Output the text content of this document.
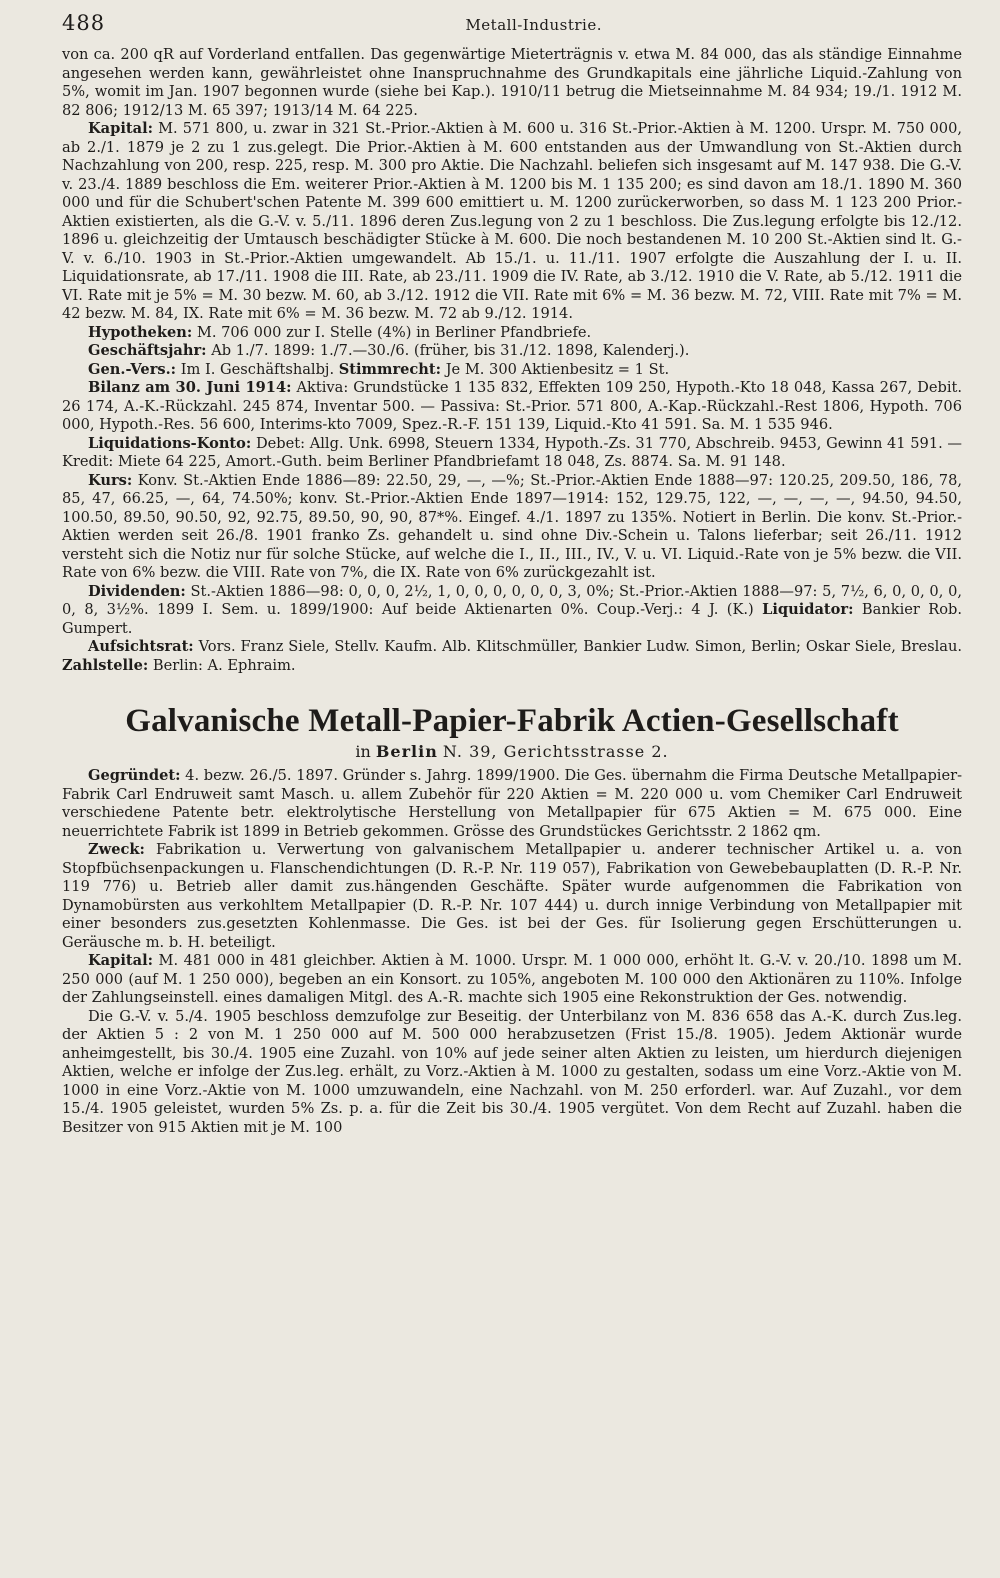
488	Metall-Industrie.

von ca. 200 qR auf Vorderland entfallen. Das gegenwärtige Mieterträgnis v. etwa M. 84 000, das als ständige Einnahme angesehen werden kann, gewährleistet ohne Inanspruchnahme des Grundkapitals eine jährliche Liquid.-Zahlung von 5%, womit im Jan. 1907 begonnen wurde (siehe bei Kap.). 1910/11 betrug die Mietseinnahme M. 84 934; 19./1. 1912 M. 82 806; 1912/13 M. 65 397; 1913/14 M. 64 225.

Kapital: M. 571 800, u. zwar in 321 St.-Prior.-Aktien à M. 600 u. 316 St.-Prior.-Aktien à M. 1200. Urspr. M. 750 000, ab 2./1. 1879 je 2 zu 1 zus.gelegt. Die Prior.-Aktien à M. 600 entstanden aus der Umwandlung von St.-Aktien durch Nachzahlung von 200, resp. 225, resp. M. 300 pro Aktie. Die Nachzahl. beliefen sich insgesamt auf M. 147 938. Die G.-V. v. 23./4. 1889 beschloss die Em. weiterer Prior.-Aktien à M. 1200 bis M. 1 135 200; es sind davon am 18./1. 1890 M. 360 000 und für die Schubert'schen Patente M. 399 600 emittiert u. M. 1200 zurückerworben, so dass M. 1 123 200 Prior.-Aktien existierten, als die G.-V. v. 5./11. 1896 deren Zus.legung von 2 zu 1 beschloss. Die Zus.legung erfolgte bis 12./12. 1896 u. gleichzeitig der Umtausch beschädigter Stücke à M. 600. Die noch bestandenen M. 10 200 St.-Aktien sind lt. G.-V. v. 6./10. 1903 in St.-Prior.-Aktien umgewandelt. Ab 15./1. u. 11./11. 1907 erfolgte die Auszahlung der I. u. II. Liquidationsrate, ab 17./11. 1908 die III. Rate, ab 23./11. 1909 die IV. Rate, ab 3./12. 1910 die V. Rate, ab 5./12. 1911 die VI. Rate mit je 5% = M. 30 bezw. M. 60, ab 3./12. 1912 die VII. Rate mit 6% = M. 36 bezw. M. 72, VIII. Rate mit 7% = M. 42 bezw. M. 84, IX. Rate mit 6% = M. 36 bezw. M. 72 ab 9./12. 1914.

Hypotheken: M. 706 000 zur I. Stelle (4%) in Berliner Pfandbriefe.

Geschäftsjahr: Ab 1./7. 1899: 1./7.—30./6. (früher, bis 31./12. 1898, Kalenderj.).

Gen.-Vers.: Im I. Geschäftshalbj. Stimmrecht: Je M. 300 Aktienbesitz = 1 St.

Bilanz am 30. Juni 1914: Aktiva: Grundstücke 1 135 832, Effekten 109 250, Hypoth.-Kto 18 048, Kassa 267, Debit. 26 174, A.-K.-Rückzahl. 245 874, Inventar 500. — Passiva: St.-Prior. 571 800, A.-Kap.-Rückzahl.-Rest 1806, Hypoth. 706 000, Hypoth.-Res. 56 600, Interims-kto 7009, Spez.-R.-F. 151 139, Liquid.-Kto 41 591. Sa. M. 1 535 946.

Liquidations-Konto: Debet: Allg. Unk. 6998, Steuern 1334, Hypoth.-Zs. 31 770, Abschreib. 9453, Gewinn 41 591. — Kredit: Miete 64 225, Amort.-Guth. beim Berliner Pfandbriefamt 18 048, Zs. 8874. Sa. M. 91 148.

Kurs: Konv. St.-Aktien Ende 1886—89: 22.50, 29, —, —%; St.-Prior.-Aktien Ende 1888—97: 120.25, 209.50, 186, 78, 85, 47, 66.25, —, 64, 74.50%; konv. St.-Prior.-Aktien Ende 1897—1914: 152, 129.75, 122, —, —, —, —, 94.50, 94.50, 100.50, 89.50, 90.50, 92, 92.75, 89.50, 90, 90, 87*%. Eingef. 4./1. 1897 zu 135%. Notiert in Berlin. Die konv. St.-Prior.-Aktien werden seit 26./8. 1901 franko Zs. gehandelt u. sind ohne Div.-Schein u. Talons lieferbar; seit 26./11. 1912 versteht sich die Notiz nur für solche Stücke, auf welche die I., II., III., IV., V. u. VI. Liquid.-Rate von je 5% bezw. die VII. Rate von 6% bezw. die VIII. Rate von 7%, die IX. Rate von 6% zurückgezahlt ist.

Dividenden: St.-Aktien 1886—98: 0, 0, 0, 2½, 1, 0, 0, 0, 0, 0, 0, 3, 0%; St.-Prior.-Aktien 1888—97: 5, 7½, 6, 0, 0, 0, 0, 0, 8, 3½%. 1899 I. Sem. u. 1899/1900: Auf beide Aktienarten 0%. Coup.-Verj.: 4 J. (K.) Liquidator: Bankier Rob. Gumpert.

Aufsichtsrat: Vors. Franz Siele, Stellv. Kaufm. Alb. Klitschmüller, Bankier Ludw. Simon, Berlin; Oskar Siele, Breslau. Zahlstelle: Berlin: A. Ephraim.

Galvanische Metall-Papier-Fabrik Actien-Gesellschaft
in Berlin N. 39, Gerichtsstrasse 2.

Gegründet: 4. bezw. 26./5. 1897. Gründer s. Jahrg. 1899/1900. Die Ges. übernahm die Firma Deutsche Metallpapier-Fabrik Carl Endruweit samt Masch. u. allem Zubehör für 220 Aktien = M. 220 000 u. vom Chemiker Carl Endruweit verschiedene Patente betr. elektrolytische Herstellung von Metallpapier für 675 Aktien = M. 675 000. Eine neuerrichtete Fabrik ist 1899 in Betrieb gekommen. Grösse des Grundstückes Gerichtsstr. 2 1862 qm.

Zweck: Fabrikation u. Verwertung von galvanischem Metallpapier u. anderer technischer Artikel u. a. von Stopfbüchsenpackungen u. Flanschendichtungen (D. R.-P. Nr. 119 057), Fabrikation von Gewebebauplatten (D. R.-P. Nr. 119 776) u. Betrieb aller damit zus.hängenden Geschäfte. Später wurde aufgenommen die Fabrikation von Dynamobürsten aus verkohltem Metallpapier (D. R.-P. Nr. 107 444) u. durch innige Verbindung von Metallpapier mit einer besonders zus.gesetzten Kohlenmasse. Die Ges. ist bei der Ges. für Isolierung gegen Erschütterungen u. Geräusche m. b. H. beteiligt.

Kapital: M. 481 000 in 481 gleichber. Aktien à M. 1000. Urspr. M. 1 000 000, erhöht lt. G.-V. v. 20./10. 1898 um M. 250 000 (auf M. 1 250 000), begeben an ein Konsort. zu 105%, angeboten M. 100 000 den Aktionären zu 110%. Infolge der Zahlungseinstell. eines damaligen Mitgl. des A.-R. machte sich 1905 eine Rekonstruktion der Ges. notwendig.

Die G.-V. v. 5./4. 1905 beschloss demzufolge zur Beseitig. der Unterbilanz von M. 836 658 das A.-K. durch Zus.leg. der Aktien 5 : 2 von M. 1 250 000 auf M. 500 000 herabzusetzen (Frist 15./8. 1905). Jedem Aktionär wurde anheimgestellt, bis 30./4. 1905 eine Zuzahl. von 10% auf jede seiner alten Aktien zu leisten, um hierdurch diejenigen Aktien, welche er infolge der Zus.leg. erhält, zu Vorz.-Aktien à M. 1000 zu gestalten, sodass um eine Vorz.-Aktie von M. 1000 in eine Vorz.-Aktie von M. 1000 umzuwandeln, eine Nachzahl. von M. 250 erforderl. war. Auf Zuzahl., vor dem 15./4. 1905 geleistet, wurden 5% Zs. p. a. für die Zeit bis 30./4. 1905 vergütet. Von dem Recht auf Zuzahl. haben die Besitzer von 915 Aktien mit je M. 100
